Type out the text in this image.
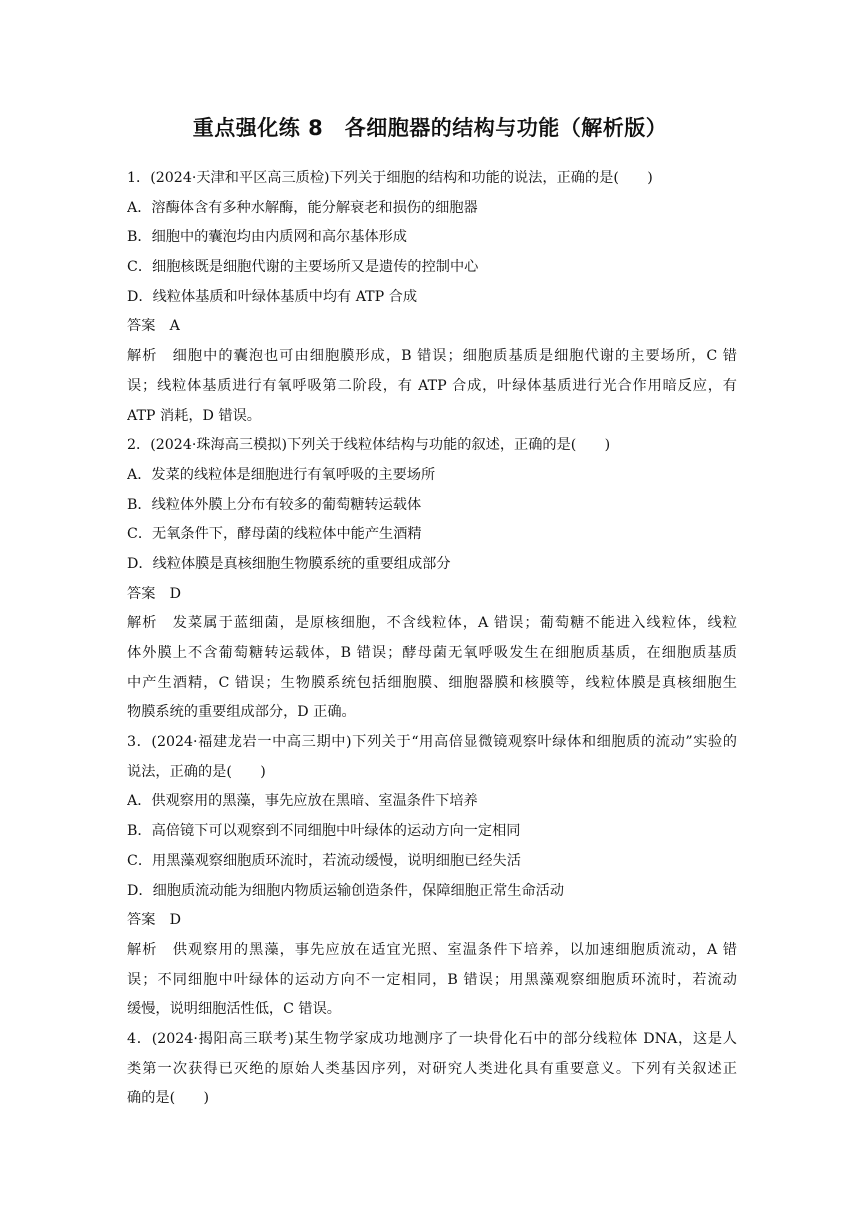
重点强化练 8　各细胞器的结构与功能（解析版）
1．(2024·天津和平区高三质检)下列关于细胞的结构和功能的说法，正确的是(　　)
A．溶酶体含有多种水解酶，能分解衰老和损伤的细胞器
B．细胞中的囊泡均由内质网和高尔基体形成
C．细胞核既是细胞代谢的主要场所又是遗传的控制中心
D．线粒体基质和叶绿体基质中均有 ATP 合成
答案　A
解析　细胞中的囊泡也可由细胞膜形成，B 错误；细胞质基质是细胞代谢的主要场所，C 错
误；线粒体基质进行有氧呼吸第二阶段，有 ATP 合成，叶绿体基质进行光合作用暗反应，有
ATP 消耗，D 错误。
2．(2024·珠海高三模拟)下列关于线粒体结构与功能的叙述，正确的是(　　)
A．发菜的线粒体是细胞进行有氧呼吸的主要场所
B．线粒体外膜上分布有较多的葡萄糖转运载体
C．无氧条件下，酵母菌的线粒体中能产生酒精
D．线粒体膜是真核细胞生物膜系统的重要组成部分
答案　D
解析　发菜属于蓝细菌，是原核细胞，不含线粒体，A 错误；葡萄糖不能进入线粒体，线粒
体外膜上不含葡萄糖转运载体，B 错误；酵母菌无氧呼吸发生在细胞质基质，在细胞质基质
中产生酒精，C 错误；生物膜系统包括细胞膜、细胞器膜和核膜等，线粒体膜是真核细胞生
物膜系统的重要组成部分，D 正确。
3．(2024·福建龙岩一中高三期中)下列关于“用高倍显微镜观察叶绿体和细胞质的流动”实验的
说法，正确的是(　　)
A．供观察用的黑藻，事先应放在黑暗、室温条件下培养
B．高倍镜下可以观察到不同细胞中叶绿体的运动方向一定相同
C．用黑藻观察细胞质环流时，若流动缓慢，说明细胞已经失活
D．细胞质流动能为细胞内物质运输创造条件，保障细胞正常生命活动
答案　D
解析　供观察用的黑藻，事先应放在适宜光照、室温条件下培养，以加速细胞质流动，A 错
误；不同细胞中叶绿体的运动方向不一定相同，B 错误；用黑藻观察细胞质环流时，若流动
缓慢，说明细胞活性低，C 错误。
4．(2024·揭阳高三联考)某生物学家成功地测序了一块骨化石中的部分线粒体 DNA，这是人
类第一次获得已灭绝的原始人类基因序列，对研究人类进化具有重要意义。下列有关叙述正
确的是(　　)
